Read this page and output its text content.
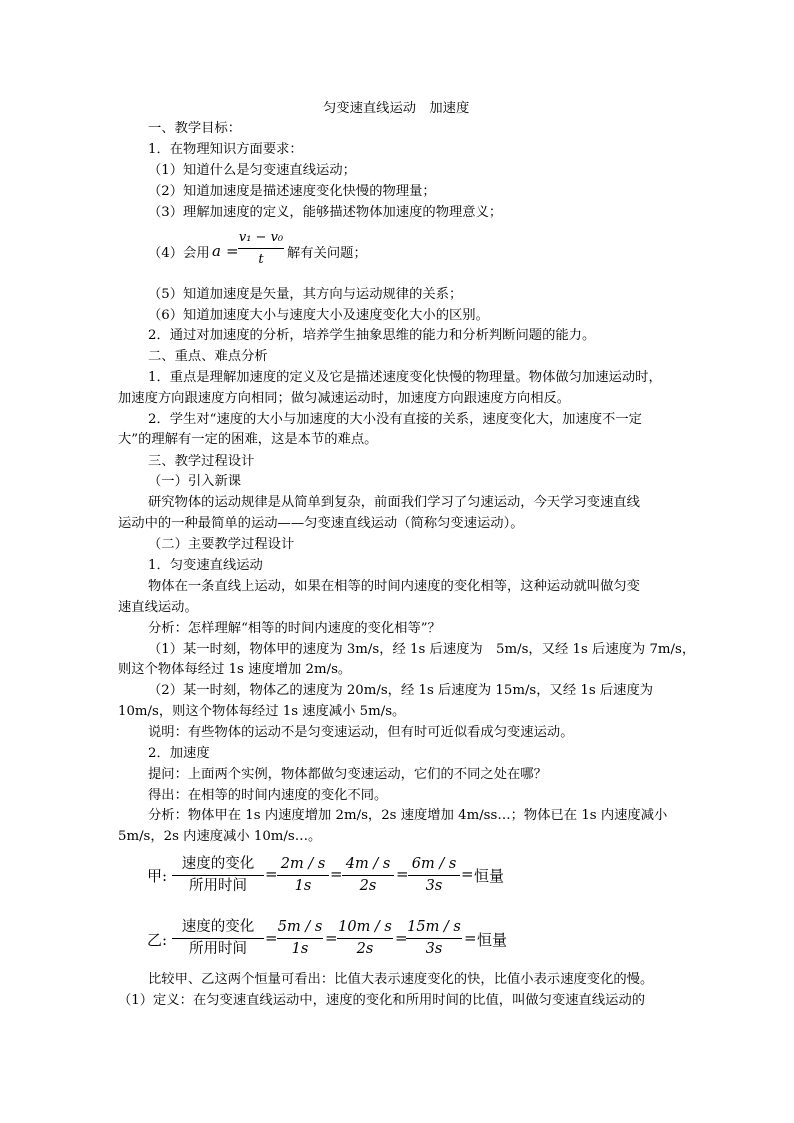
匀变速直线运动　加速度
一、教学目标：
1．在物理知识方面要求：
（1）知道什么是匀变速直线运动；
（2）知道加速度是描述速度变化快慢的物理量；
（3）理解加速度的定义，能够描述物体加速度的物理意义；
（4）会用 a =
v₁ − v₀
t	解有关问题；
（5）知道加速度是矢量，其方向与运动规律的关系；
（6）知道加速度大小与速度大小及速度变化大小的区别。
2．通过对加速度的分析，培养学生抽象思维的能力和分析判断问题的能力。
二、重点、难点分析
1．重点是理解加速度的定义及它是描述速度变化快慢的物理量。物体做匀加速运动时，
加速度方向跟速度方向相同；做匀减速运动时，加速度方向跟速度方向相反。
2．学生对“速度的大小与加速度的大小没有直接的关系，速度变化大，加速度不一定
大”的理解有一定的困难，这是本节的难点。
三、教学过程设计
（一）引入新课
研究物体的运动规律是从简单到复杂，前面我们学习了匀速运动，今天学习变速直线
运动中的一种最简单的运动——匀变速直线运动（简称匀变速运动）。
（二）主要教学过程设计
1．匀变速直线运动
物体在一条直线上运动，如果在相等的时间内速度的变化相等，这种运动就叫做匀变
速直线运动。
分析：怎样理解“相等的时间内速度的变化相等”？
（1）某一时刻，物体甲的速度为 3m/s，经 1s 后速度为　5m/s，又经 1s 后速度为 7m/s，
则这个物体每经过 1s 速度增加 2m/s。
（2）某一时刻，物体乙的速度为 20m/s，经 1s 后速度为 15m/s，又经 1s 后速度为
10m/s，则这个物体每经过 1s 速度减小 5m/s。
说明：有些物体的运动不是匀变速运动，但有时可近似看成匀变速运动。
2．加速度
提问：上面两个实例，物体都做匀变速运动，它们的不同之处在哪？
得出：在相等的时间内速度的变化不同。
分析：物体甲在 1s 内速度增加 2m/s，2s 速度增加 4m/ss…；物体已在 1s 内速度减小
5m/s，2s 内速度减小 10m/s…。
甲:
速度的变化
所用时间
=
2m / s
1s
=
4m / s
2s
=
6m / s
3s
= 恒量
乙:
速度的变化
所用时间
=
5m / s
1s
=
10m / s
2s
=
15m / s
3s
= 恒量
比较甲、乙这两个恒量可看出：比值大表示速度变化的快，比值小表示速度变化的慢。
（1）定义：在匀变速直线运动中，速度的变化和所用时间的比值，叫做匀变速直线运动的
